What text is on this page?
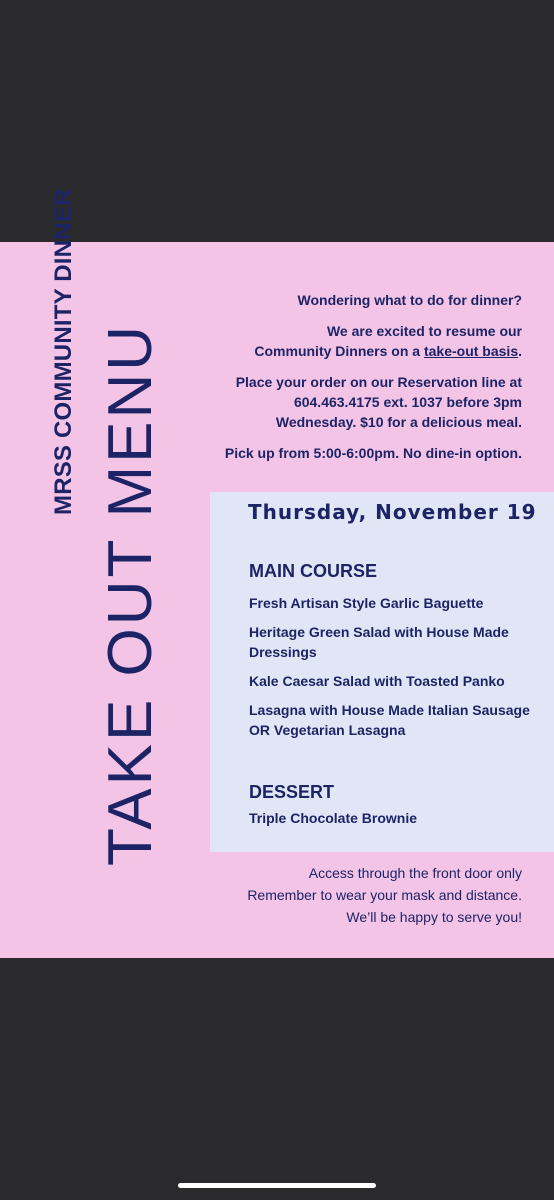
MRSS COMMUNITY DINNER TAKE OUT MENU

Wondering what to do for dinner?

We are excited to resume our
Community Dinners on a take-out basis.

Place your order on our Reservation line at
604.463.4175 ext. 1037 before 3pm
Wednesday. $10 for a delicious meal.

Pick up from 5:00-6:00pm. No dine-in option.

Thursday, November 19
MAIN COURSE
Fresh Artisan Style Garlic Baguette
Heritage Green Salad with House Made Dressings
Kale Caesar Salad with Toasted Panko
Lasagna with House Made Italian Sausage OR Vegetarian Lasagna
DESSERT
Triple Chocolate Brownie
Access through the front door only
Remember to wear your mask and distance.
We’ll be happy to serve you!
